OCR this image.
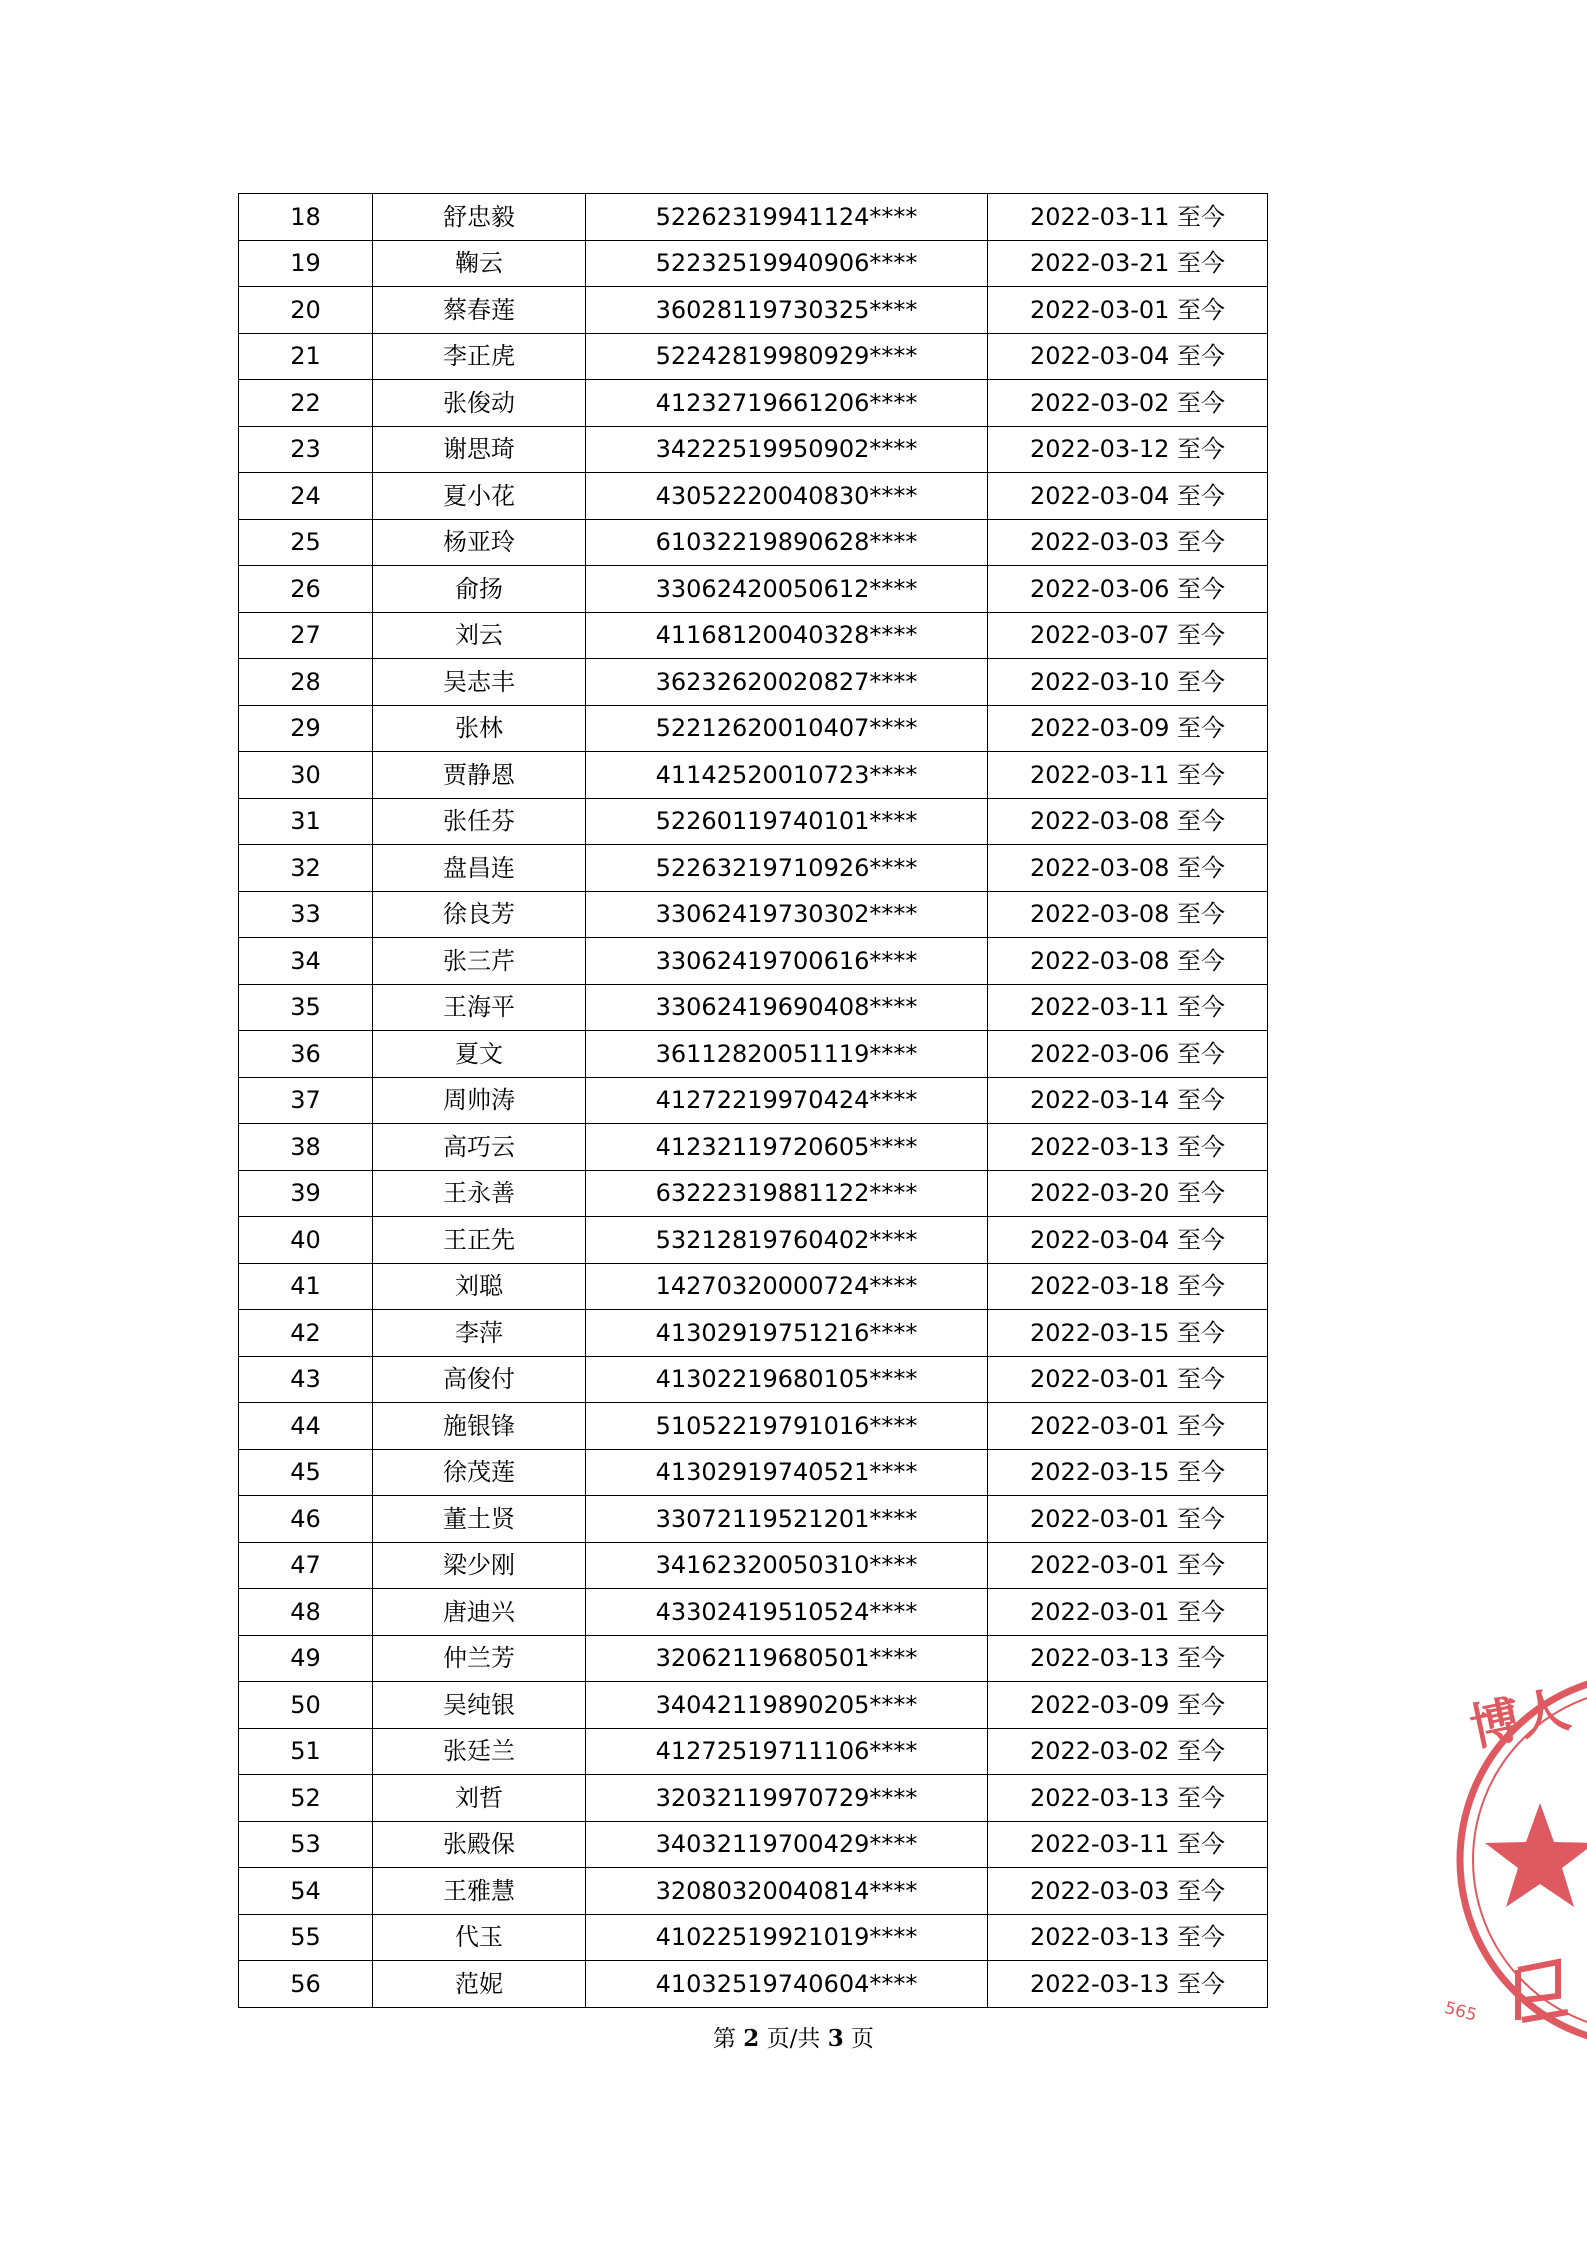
18	舒忠毅	52262319941124****	2022-03-11 至今
19	鞠云	52232519940906****	2022-03-21 至今
20	蔡春莲	36028119730325****	2022-03-01 至今
21	李正虎	52242819980929****	2022-03-04 至今
22	张俊动	41232719661206****	2022-03-02 至今
23	谢思琦	34222519950902****	2022-03-12 至今
24	夏小花	43052220040830****	2022-03-04 至今
25	杨亚玲	61032219890628****	2022-03-03 至今
26	俞扬	33062420050612****	2022-03-06 至今
27	刘云	41168120040328****	2022-03-07 至今
28	吴志丰	36232620020827****	2022-03-10 至今
29	张林	52212620010407****	2022-03-09 至今
30	贾静恩	41142520010723****	2022-03-11 至今
31	张任芬	52260119740101****	2022-03-08 至今
32	盘昌连	52263219710926****	2022-03-08 至今
33	徐良芳	33062419730302****	2022-03-08 至今
34	张三芹	33062419700616****	2022-03-08 至今
35	王海平	33062419690408****	2022-03-11 至今
36	夏文	36112820051119****	2022-03-06 至今
37	周帅涛	41272219970424****	2022-03-14 至今
38	高巧云	41232119720605****	2022-03-13 至今
39	王永善	63222319881122****	2022-03-20 至今
40	王正先	53212819760402****	2022-03-04 至今
41	刘聪	14270320000724****	2022-03-18 至今
42	李萍	41302919751216****	2022-03-15 至今
43	高俊付	41302219680105****	2022-03-01 至今
44	施银锋	51052219791016****	2022-03-01 至今
45	徐茂莲	41302919740521****	2022-03-15 至今
46	董土贤	33072119521201****	2022-03-01 至今
47	梁少刚	34162320050310****	2022-03-01 至今
48	唐迪兴	43302419510524****	2022-03-01 至今
49	仲兰芳	32062119680501****	2022-03-13 至今
50	吴纯银	34042119890205****	2022-03-09 至今
51	张廷兰	41272519711106****	2022-03-02 至今
52	刘哲	32032119970729****	2022-03-13 至今
53	张殿保	34032119700429****	2022-03-11 至今
54	王雅慧	32080320040814****	2022-03-03 至今
55	代玉	41022519921019****	2022-03-13 至今
56	范妮	41032519740604****	2022-03-13 至今
第 2 页/共 3 页
博人
565
